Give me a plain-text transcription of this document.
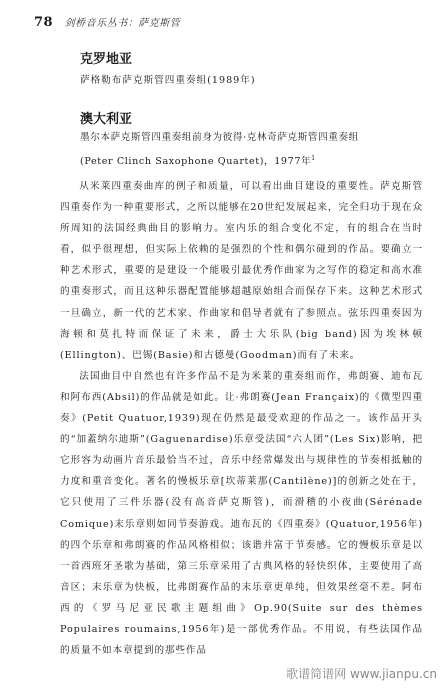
78 剑桥音乐丛书：萨克斯管
克罗地亚
萨格勒布萨克斯管四重奏组(1989年)
澳大利亚
墨尔本萨克斯管四重奏组前身为彼得·克林奇萨克斯管四重奏组
(Peter Clinch Saxophone Quartet)，1977年$^1$

从米莱四重奏曲库的例子和质量，可以看出曲目建设的重要性。萨克斯管四重奏作为一种重要形式，之所以能够在20世纪发展起来，完全归功于现在众所周知的法国经典曲目的影响力。室内乐的组合变化不定，有的组合在当时看，似乎很理想，但实际上依赖的是强烈的个性和偶尔碰到的作品。要确立一种艺术形式，重要的是建设一个能吸引最优秀作曲家为之写作的稳定和高水准的重奏形式，而且这种乐器配置能够超越原始组合而保存下来。这种艺术形式一旦确立，新一代的艺术家、作曲家和倡导者就有了参照点。弦乐四重奏因为海顿和莫扎特而保证了未来，爵士大乐队(big band)因为埃林顿(Ellington)、巴锡(Basie)和古德曼(Goodman)而有了未来。

法国曲目中自然也有许多作品不是为米莱的重奏组而作，弗朗赛、迪布瓦和阿布西(Absil)的作品就是如此。让·弗朗赛(Jean Françaix)的《微型四重奏》(Petit Quatuor,1939)现在仍然是最受欢迎的作品之一。该作品开头的“加蓋纳尔迪斯”(Gaguenardise)乐章受法国“六人团”(Les Six)影响，把它形容为动画片音乐最恰当不过，音乐中经常爆发出与规律性的节奏相抵触的力度和重音变化。著名的慢板乐章[坎蒂莱那(Cantilène)]的创新之处在于，它只使用了三件乐器(没有高音萨克斯管)，而滑稽的小夜曲(Sérénade Comique)末乐章则如同节奏游戏。迪布瓦的《四重奏》(Quatuor,1956年)的四个乐章和弗朗赛的作品风格相似；该谐并富于节奏感。它的慢板乐章是以一首西班牙圣歌为基础，第三乐章采用了古典风格的轻快织体，主要使用了高音区；末乐章为快板，比弗朗赛作品的末乐章更单纯，但效果丝毫不差。阿布西的《罗马尼亚民歌主题组曲》Op.90(Suite sur des thèmes Populaires roumains,1956年)是一部优秀作品。不用说，有些法国作品的质量不如本章提到的那些作品

歌谱简谱网 www.jianpu.cn
